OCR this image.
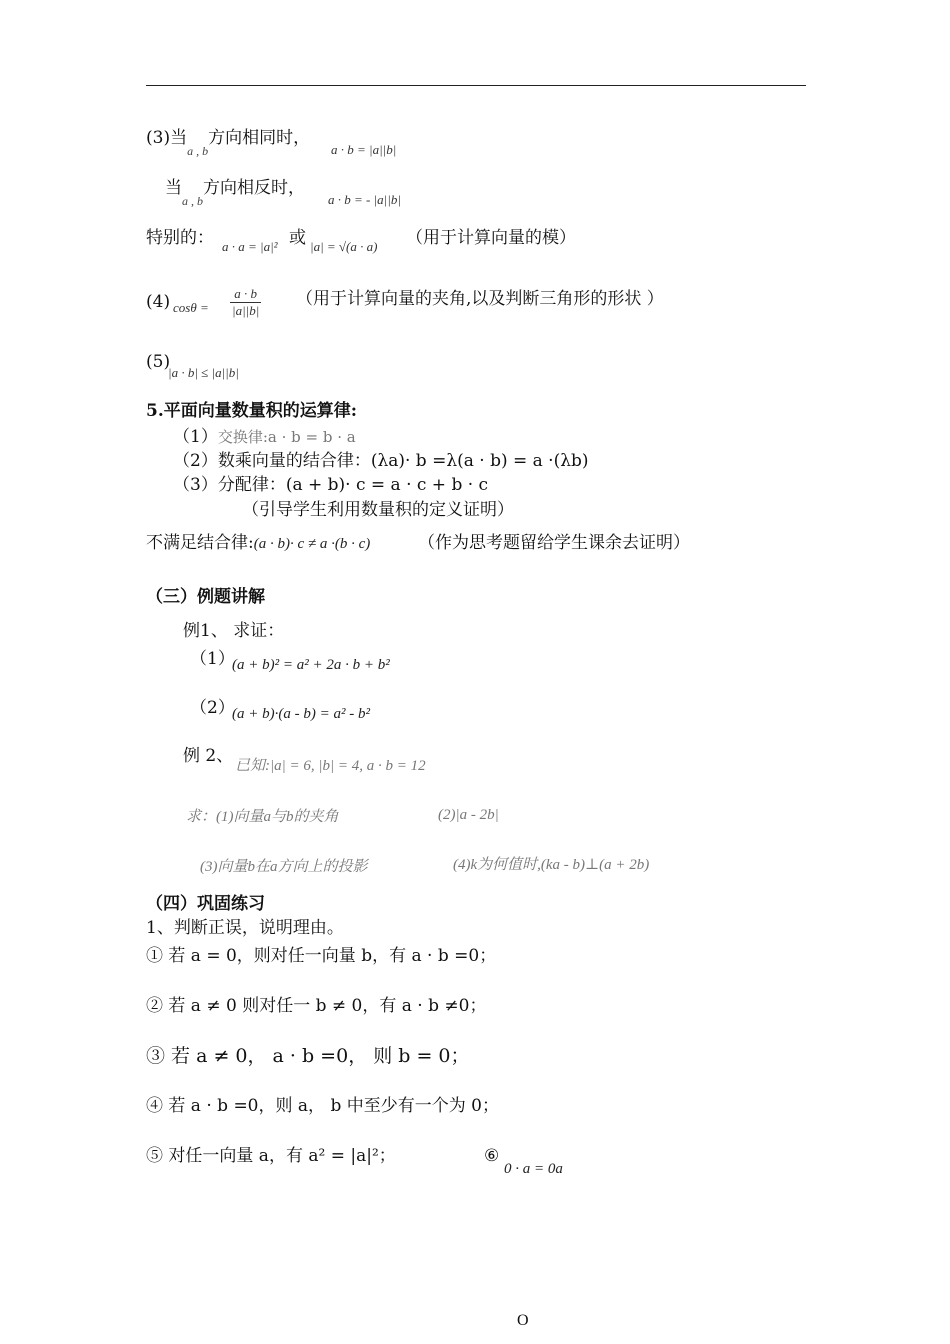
(3)当$_{a , b}$方向相同时，
a · b = |a||b|
当$_{a , b}$方向相反时，
a · b = - |a||b|
特别的： a · a = |a|² 或 |a| = √(a · a) （用于计算向量的模）
(4) $\cos\theta = \frac{a \cdot b}{|a||b|}$ （用于计算向量的夹角,以及判断三角形的形状 ）
(5)
|a · b| ≤ |a||b|
5.平面向量数量积的运算律:
（1）交换律:a · b = b · a
（2）数乘向量的结合律：(λa)· b =λ(a · b) = a ·(λb)
（3）分配律：(a + b)· c = a · c + b · c
（引导学生利用数量积的定义证明）
不满足结合律:(a · b)· c ≠ a ·(b · c)	（作为思考题留给学生课余去证明）
（三）例题讲解
例1、 求证：
（1）
(a + b)² = a² + 2a · b + b²
（2）
(a + b)·(a - b) = a² - b²
例 2、 已知:|a| = 6, |b| = 4, a · b = 12
求：(1)向量a与b的夹角	(2)|a - 2b|
(3)向量b在a方向上的投影	(4)k为何值时,(ka - b)⊥(a + 2b)
（四）巩固练习
1、判断正误，说明理由。
① 若 a = 0，则对任一向量 b，有 a · b =0；
② 若 a ≠ 0 则对任一 b ≠ 0，有 a · b ≠0；
③ 若 a ≠ 0， a · b =0， 则 b = 0；
④ 若 a · b =0，则 a， b 中至少有一个为 0；
⑤ 对任一向量 a，有 a² = |a|²；	⑥
0 · a = 0a
O
